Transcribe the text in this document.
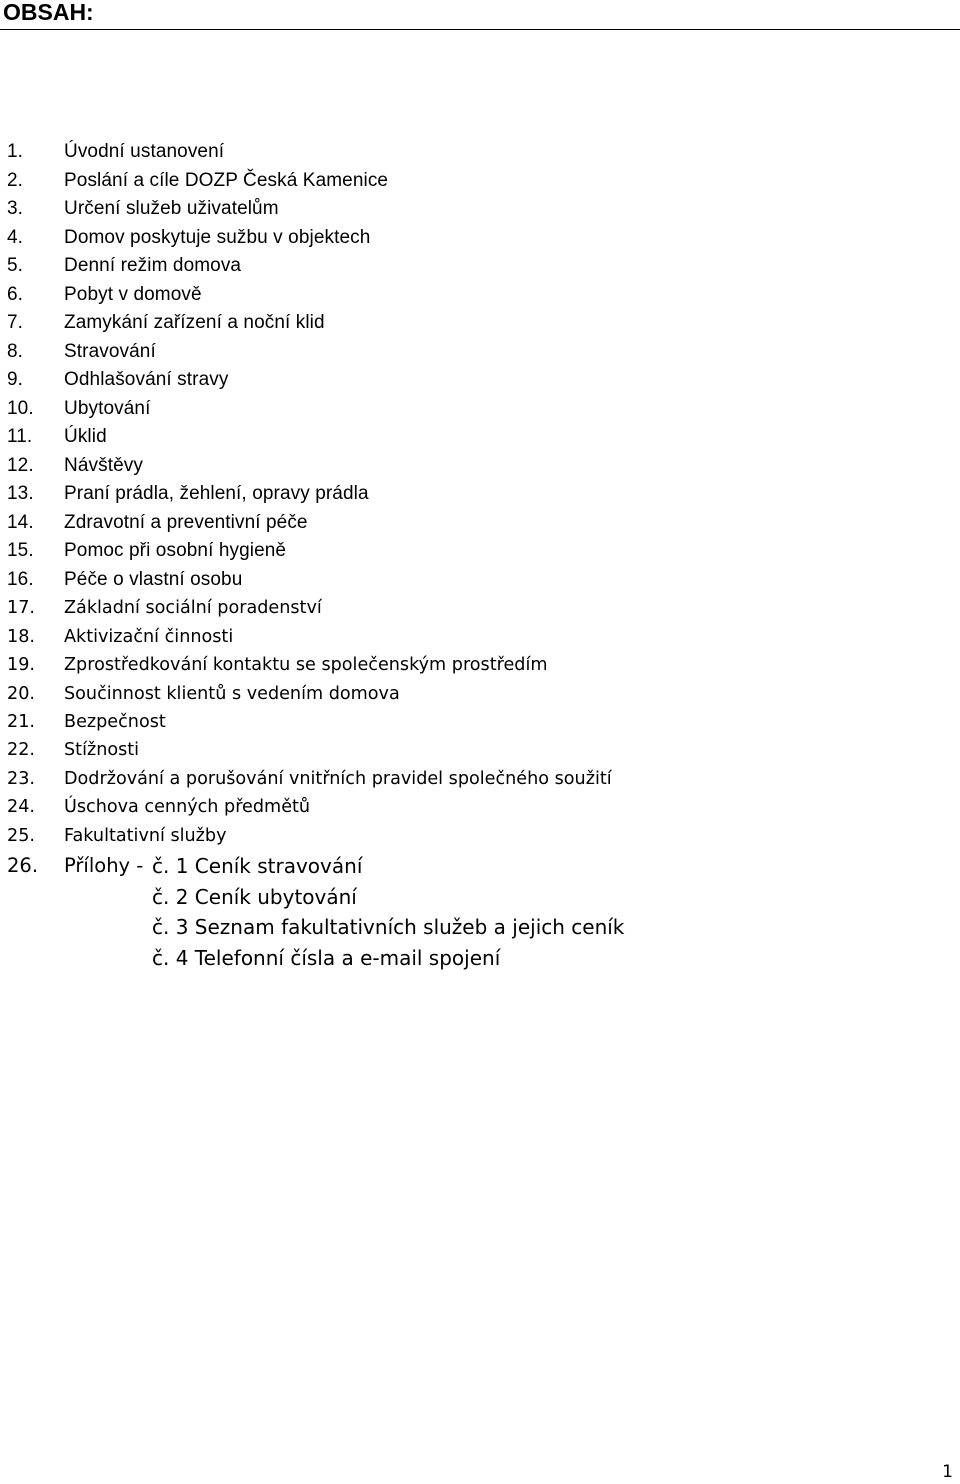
OBSAH:
1. Úvodní ustanovení
2. Poslání a cíle DOZP Česká Kamenice
3. Určení služeb uživatelům
4. Domov poskytuje sužbu v objektech
5. Denní režim domova
6. Pobyt v domově
7. Zamykání zařízení a noční klid
8. Stravování
9. Odhlašování stravy
10. Ubytování
11. Úklid
12. Návštěvy
13. Praní prádla, žehlení, opravy prádla
14. Zdravotní a preventivní péče
15. Pomoc při osobní hygieně
16. Péče o vlastní osobu
17. Základní sociální poradenství
18. Aktivizační činnosti
19. Zprostředkování kontaktu se společenským prostředím
20. Součinnost klientů s vedením domova
21. Bezpečnost
22. Stížnosti
23. Dodržování a porušování vnitřních pravidel společného soužití
24. Úschova cenných předmětů
25. Fakultativní služby
26. Přílohy - č. 1 Ceník stravování
č. 2 Ceník ubytování
č. 3 Seznam fakultativních služeb a jejich ceník
č. 4 Telefonní čísla a e-mail spojení
1
